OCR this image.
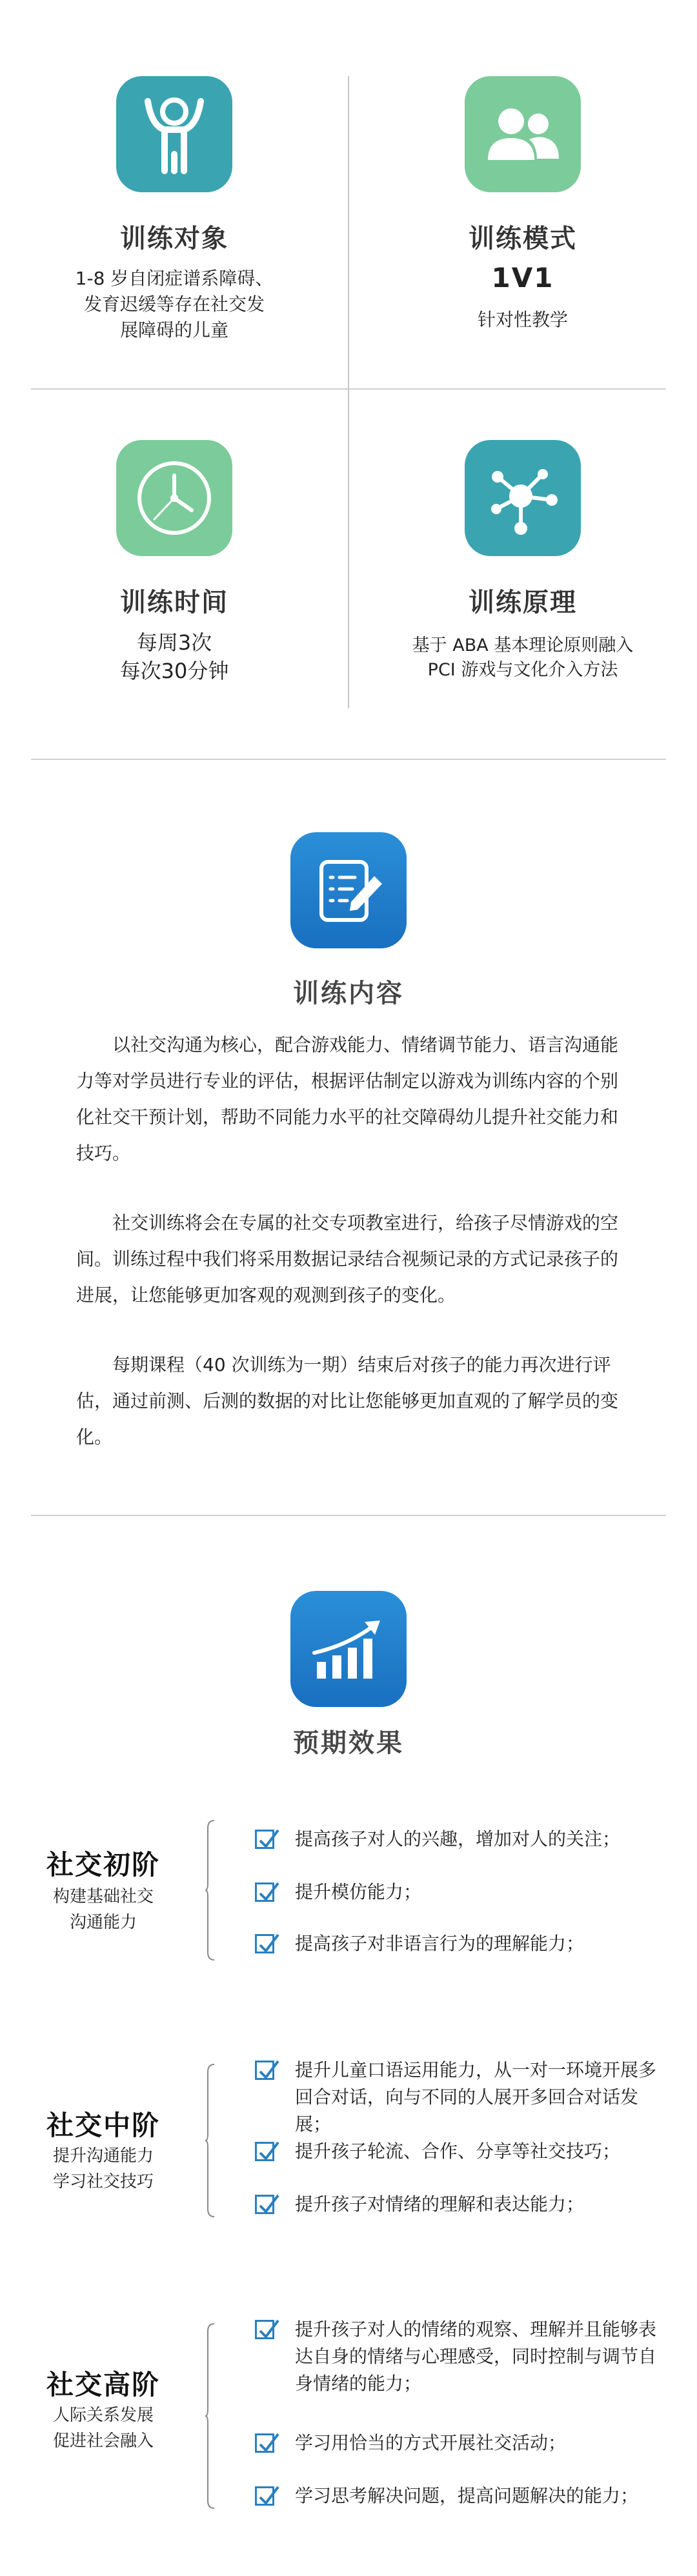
训练对象
1-8 岁自闭症谱系障碍、
发育迟缓等存在社交发
展障碍的儿童
训练模式
1V1
针对性教学
训练时间
每周3次
每次30分钟
训练原理
基于 ABA 基本理论原则融入
PCI 游戏与文化介入方法
训练内容
以社交沟通为核心，配合游戏能力、情绪调节能力、语言沟通能力等对学员进行专业的评估，根据评估制定以游戏为训练内容的个别化社交干预计划，帮助不同能力水平的社交障碍幼儿提升社交能力和技巧。
社交训练将会在专属的社交专项教室进行，给孩子尽情游戏的空间。训练过程中我们将采用数据记录结合视频记录的方式记录孩子的进展，让您能够更加客观的观测到孩子的变化。
每期课程（40 次训练为一期）结束后对孩子的能力再次进行评估，通过前测、后测的数据的对比让您能够更加直观的了解学员的变化。
预期效果
社交初阶
构建基础社交
沟通能力
提高孩子对人的兴趣，增加对人的关注；
提升模仿能力；
提高孩子对非语言行为的理解能力；
社交中阶
提升沟通能力
学习社交技巧
提升儿童口语运用能力，从一对一环境开展多
回合对话，向与不同的人展开多回合对话发展；
提升孩子轮流、合作、分享等社交技巧；
提升孩子对情绪的理解和表达能力；
社交高阶
人际关系发展
促进社会融入
提升孩子对人的情绪的观察、理解并且能够表
达自身的情绪与心理感受，同时控制与调节自
身情绪的能力；
学习用恰当的方式开展社交活动；
学习思考解决问题，提高问题解决的能力；
